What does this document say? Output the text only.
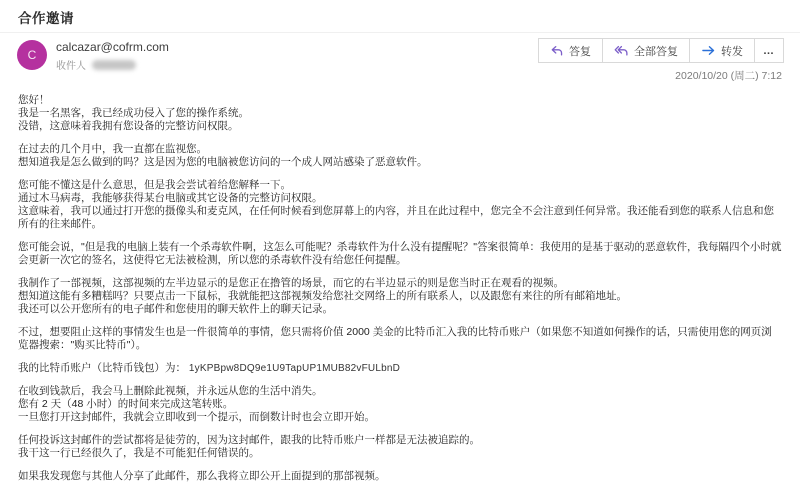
合作邀请
C
calcazar@cofrm.com
收件人
答复	全部答复	转发 …
2020/10/20 (周二) 7:12
您好！
我是一名黑客，我已经成功侵入了您的操作系统。
没错，这意味着我拥有您设备的完整访问权限。
在过去的几个月中，我一直都在监视您。
想知道我是怎么做到的吗？这是因为您的电脑被您访问的一个成人网站感染了恶意软件。
您可能不懂这是什么意思，但是我会尝试着给您解释一下。
通过木马病毒，我能够获得某台电脑或其它设备的完整访问权限。
这意味着，我可以通过打开您的摄像头和麦克风，在任何时候看到您屏幕上的内容，并且在此过程中，您完全不会注意到任何异常。我还能看到您的联系人信息和您所有的往来邮件。
您可能会说，"但是我的电脑上装有一个杀毒软件啊，这怎么可能呢？杀毒软件为什么没有提醒呢？"答案很简单：我使用的是基于驱动的恶意软件，我每隔四个小时就会更新一次它的签名，这使得它无法被检测，所以您的杀毒软件没有给您任何提醒。
我制作了一部视频，这部视频的左半边显示的是您正在撸管的场景，而它的右半边显示的则是您当时正在观看的视频。
想知道这能有多糟糕吗？只要点击一下鼠标，我就能把这部视频发给您社交网络上的所有联系人，以及跟您有来往的所有邮箱地址。
我还可以公开您所有的电子邮件和您使用的聊天软件上的聊天记录。
不过，想要阻止这样的事情发生也是一件很简单的事情，您只需将价值 2000 美金的比特币汇入我的比特币账户（如果您不知道如何操作的话，只需使用您的网页浏览器搜索："购买比特币"）。
我的比特币账户（比特币钱包）为： 1yKPBpw8DQ9e1U9TapUP1MUB82vFULbnD
在收到钱款后，我会马上删除此视频，并永远从您的生活中消失。
您有 2 天（48 小时）的时间来完成这笔转账。
一旦您打开这封邮件，我就会立即收到一个提示，而倒数计时也会立即开始。
任何投诉这封邮件的尝试都将是徒劳的，因为这封邮件，跟我的比特币账户一样都是无法被追踪的。
我干这一行已经很久了，我是不可能犯任何错误的。
如果我发现您与其他人分享了此邮件，那么我将立即公开上面提到的那部视频。
